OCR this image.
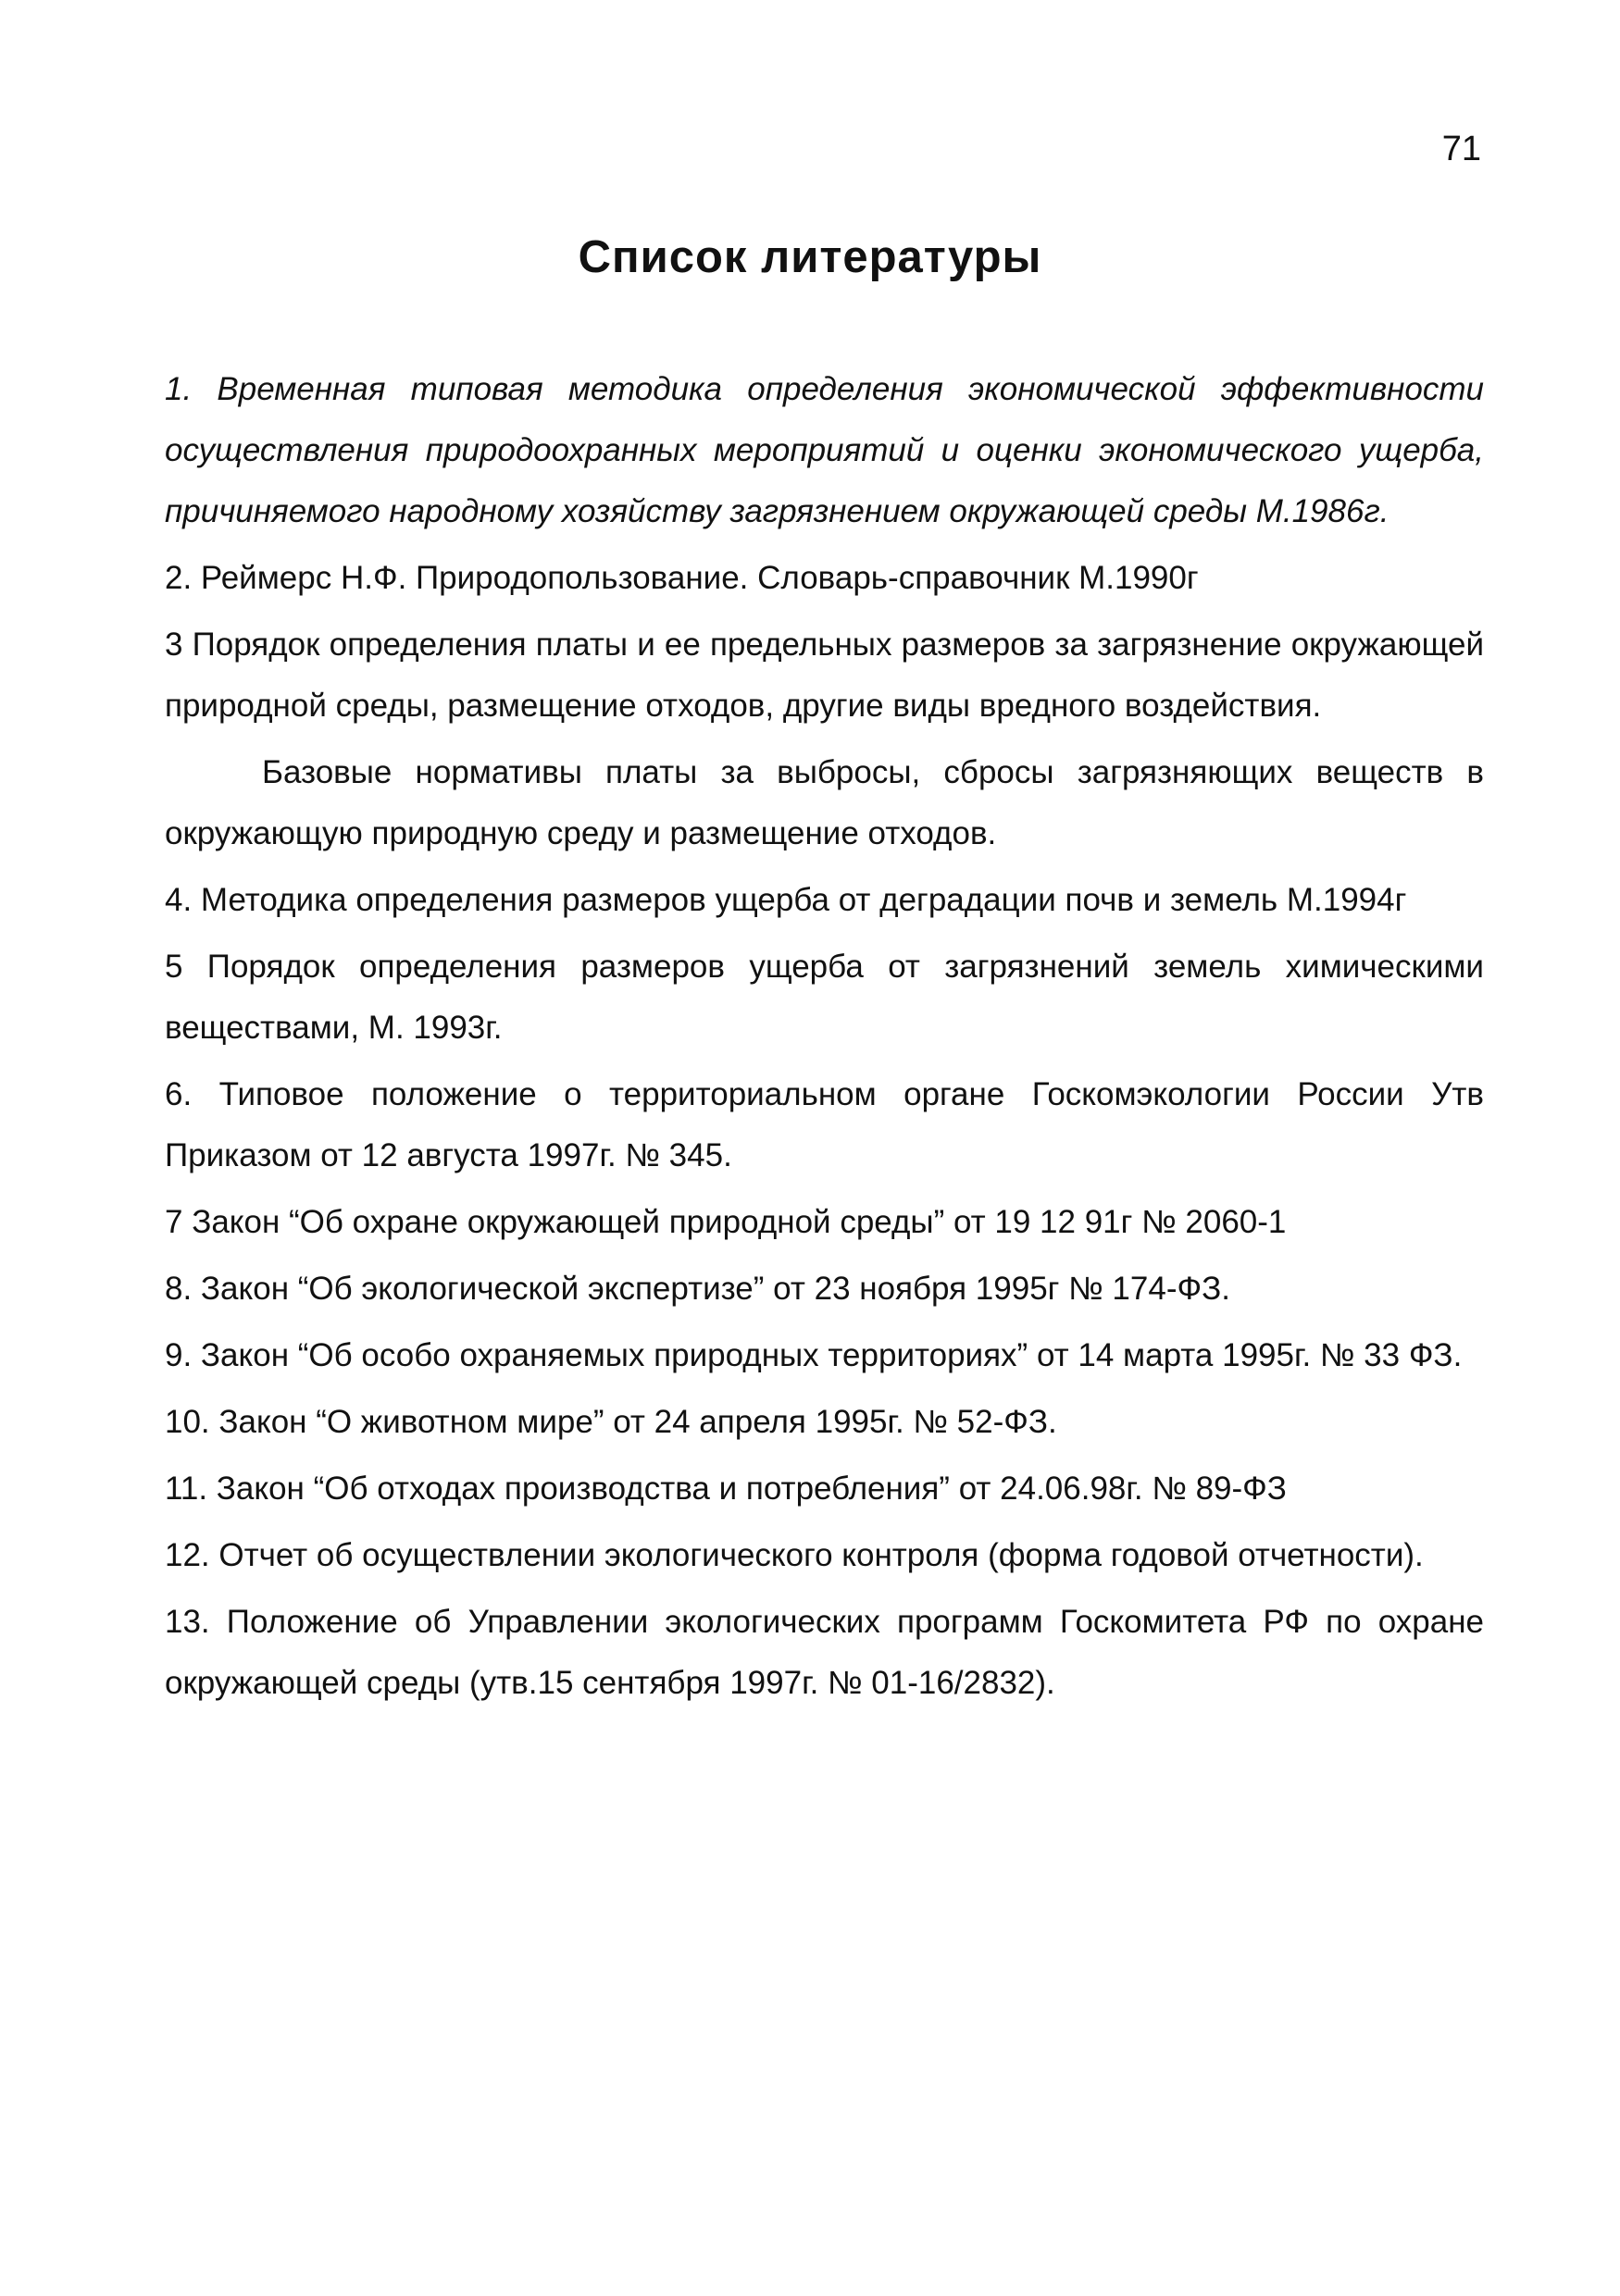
71
Список литературы

1. Временная типовая методика определения экономической эффективности осуществления природоохранных мероприятий и оценки экономического ущерба, причиняемого народному хозяйству загрязнением окружающей среды М.1986г.

2. Реймерс Н.Ф. Природопользование. Словарь-справочник М.1990г

3 Порядок определения платы и ее предельных размеров за загрязнение окружающей природной среды, размещение отходов, другие виды вредного воздействия.

Базовые нормативы платы за выбросы, сбросы загрязняющих веществ в окружающую природную среду и размещение отходов.

4. Методика определения размеров ущерба от деградации почв и земель М.1994г

5 Порядок определения размеров ущерба от загрязнений земель химическими веществами, М. 1993г.

6. Типовое положение о территориальном органе Госкомэкологии России Утв Приказом от 12 августа 1997г. № 345.

7 Закон “Об охране окружающей природной среды” от 19 12 91г № 2060-1

8. Закон “Об экологической экспертизе” от 23 ноября 1995г № 174-ФЗ.

9. Закон “Об особо охраняемых природных территориях” от 14 марта 1995г. № 33 ФЗ.

10. Закон “О животном мире” от 24 апреля 1995г. № 52-ФЗ.

11. Закон “Об отходах производства и потребления” от 24.06.98г. № 89-ФЗ

12. Отчет об осуществлении экологического контроля (форма годовой отчетности).

13. Положение об Управлении экологических программ Госкомитета РФ по охране окружающей среды (утв.15 сентября 1997г. № 01-16/2832).
